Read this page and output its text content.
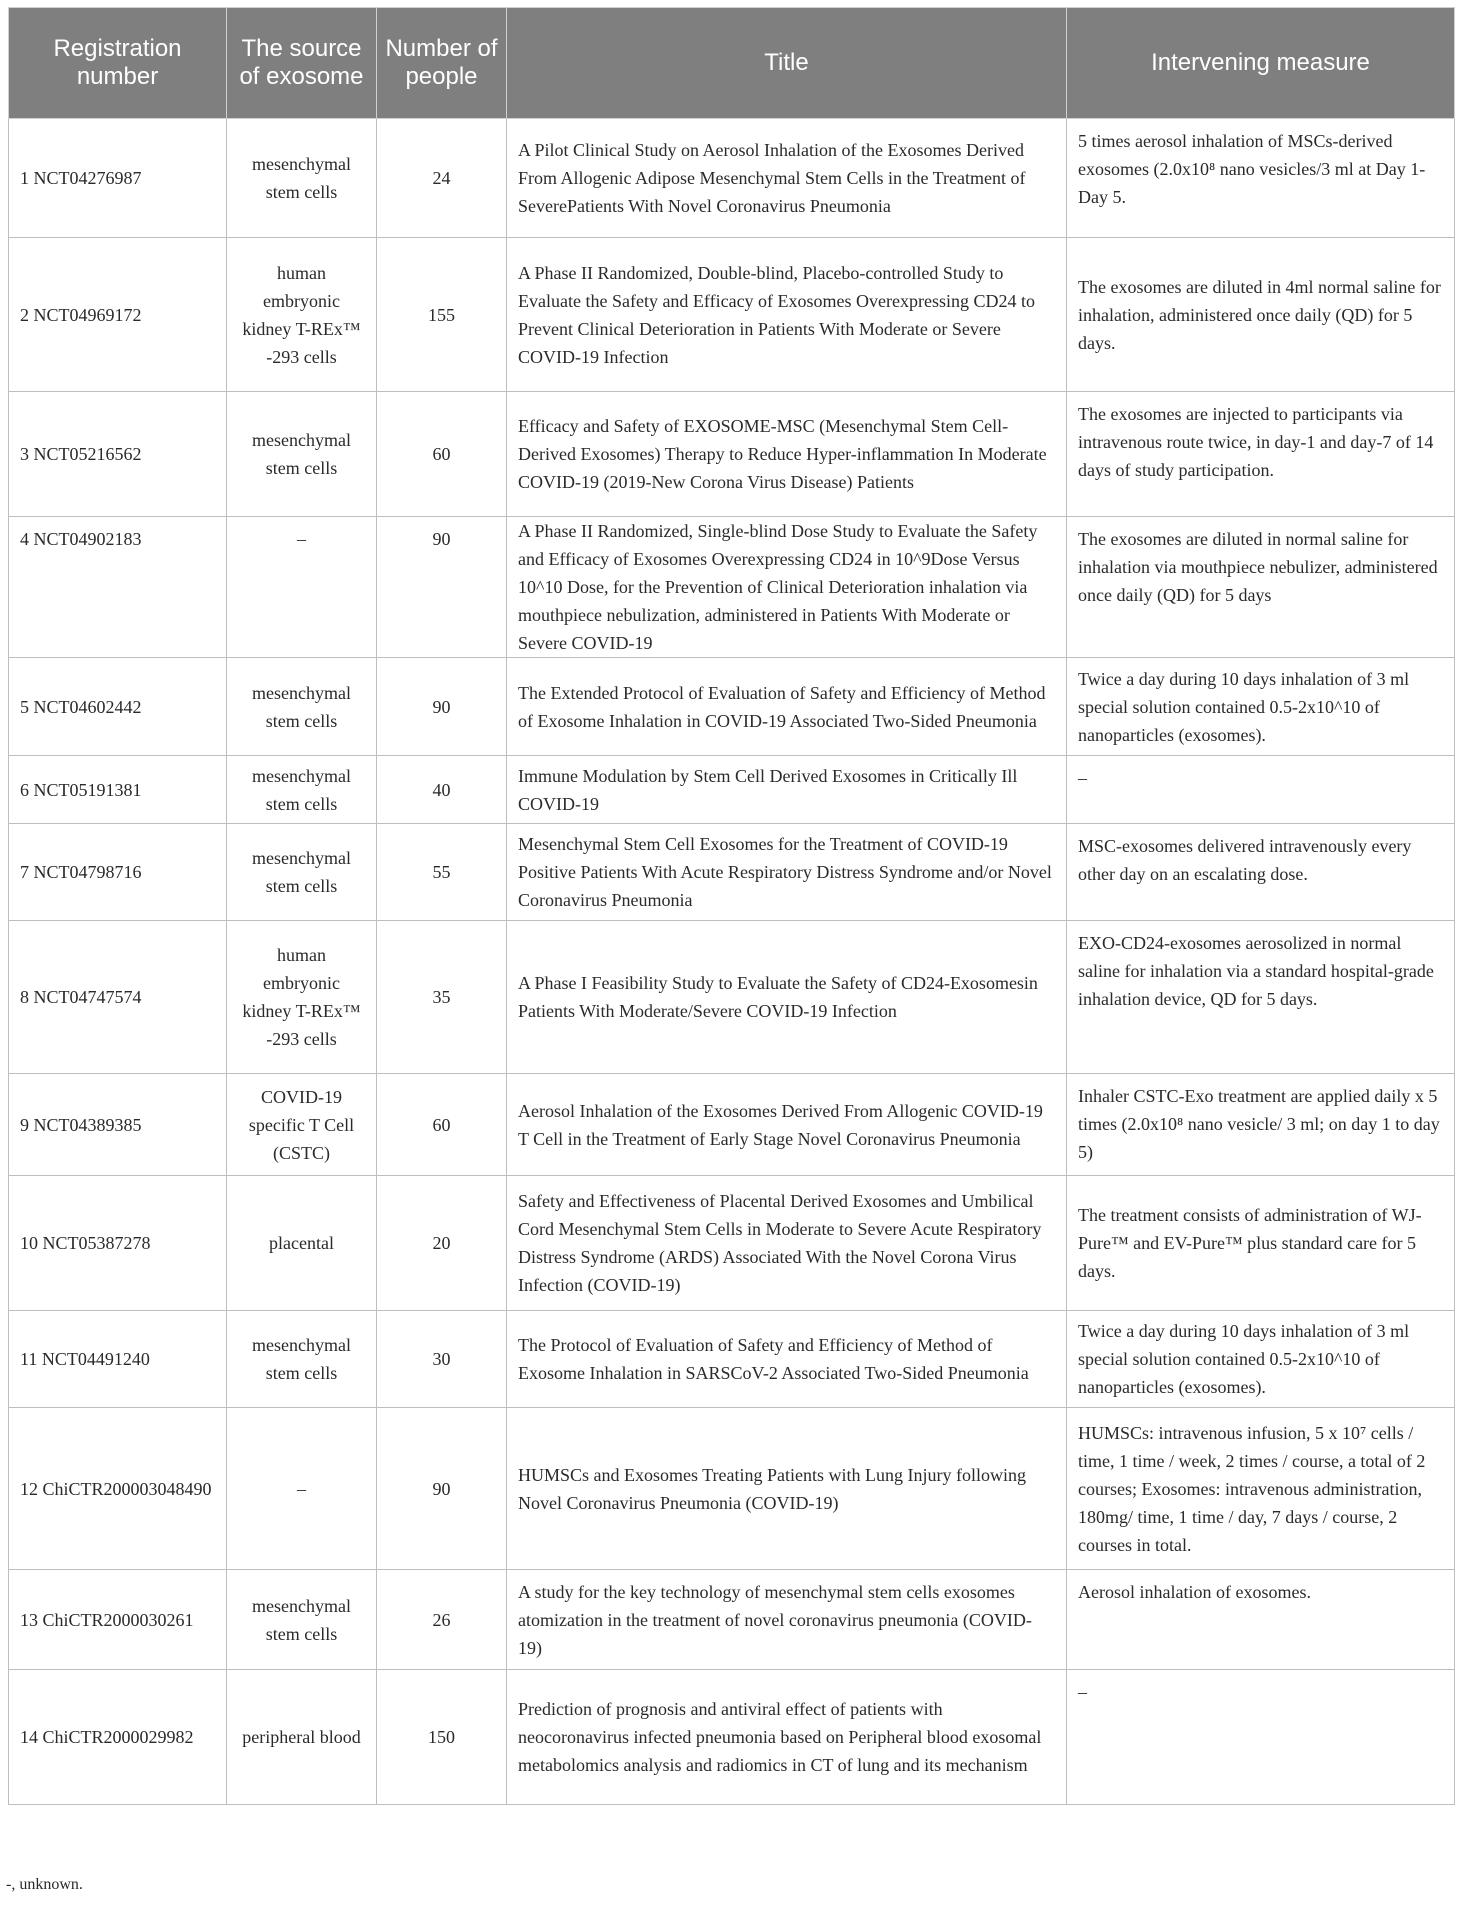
Registration number	The source of exosome	Number of people	Title	Intervening measure
1 NCT04276987	mesenchymal stem cells	24	A Pilot Clinical Study on Aerosol Inhalation of the Exosomes Derived From Allogenic Adipose Mesenchymal Stem Cells in the Treatment of SeverePatients With Novel Coronavirus Pneumonia	5 times aerosol inhalation of MSCs-derived exosomes (2.0x10⁸ nano vesicles/3 ml at Day 1- Day 5.
2 NCT04969172	human embryonic kidney T-REx™ -293 cells	155	A Phase II Randomized, Double-blind, Placebo-controlled Study to Evaluate the Safety and Efficacy of Exosomes Overexpressing CD24 to Prevent Clinical Deterioration in Patients With Moderate or Severe COVID-19 Infection	The exosomes are diluted in 4ml normal saline for inhalation, administered once daily (QD) for 5 days.
3 NCT05216562	mesenchymal stem cells	60	Efficacy and Safety of EXOSOME-MSC (Mesenchymal Stem Cell-Derived Exosomes) Therapy to Reduce Hyper-inflammation In Moderate COVID-19 (2019-New Corona Virus Disease) Patients	The exosomes are injected to participants via intravenous route twice, in day-1 and day-7 of 14 days of study participation.
4 NCT04902183	–	90	A Phase II Randomized, Single-blind Dose Study to Evaluate the Safety and Efficacy of Exosomes Overexpressing CD24 in 10^9Dose Versus 10^10 Dose, for the Prevention of Clinical Deterioration inhalation via mouthpiece nebulization, administered in Patients With Moderate or Severe COVID-19	The exosomes are diluted in normal saline for inhalation via mouthpiece nebulizer, administered once daily (QD) for 5 days
5 NCT04602442	mesenchymal stem cells	90	The Extended Protocol of Evaluation of Safety and Efficiency of Method of Exosome Inhalation in COVID-19 Associated Two-Sided Pneumonia	Twice a day during 10 days inhalation of 3 ml special solution contained 0.5-2x10^10 of nanoparticles (exosomes).
6 NCT05191381	mesenchymal stem cells	40	Immune Modulation by Stem Cell Derived Exosomes in Critically Ill COVID-19	–
7 NCT04798716	mesenchymal stem cells	55	Mesenchymal Stem Cell Exosomes for the Treatment of COVID-19 Positive Patients With Acute Respiratory Distress Syndrome and/or Novel Coronavirus Pneumonia	MSC-exosomes delivered intravenously every other day on an escalating dose.
8 NCT04747574	human embryonic kidney T-REx™ -293 cells	35	A Phase I Feasibility Study to Evaluate the Safety of CD24-Exosomesin Patients With Moderate/Severe COVID-19 Infection	EXO-CD24-exosomes aerosolized in normal saline for inhalation via a standard hospital-grade inhalation device, QD for 5 days.
9 NCT04389385	COVID-19 specific T Cell (CSTC)	60	Aerosol Inhalation of the Exosomes Derived From Allogenic COVID-19 T Cell in the Treatment of Early Stage Novel Coronavirus Pneumonia	Inhaler CSTC-Exo treatment are applied daily x 5 times (2.0x10⁸ nano vesicle/ 3 ml; on day 1 to day 5)
10 NCT05387278	placental	20	Safety and Effectiveness of Placental Derived Exosomes and Umbilical Cord Mesenchymal Stem Cells in Moderate to Severe Acute Respiratory Distress Syndrome (ARDS) Associated With the Novel Corona Virus Infection (COVID-19)	The treatment consists of administration of WJ-Pure™ and EV-Pure™ plus standard care for 5 days.
11 NCT04491240	mesenchymal stem cells	30	The Protocol of Evaluation of Safety and Efficiency of Method of Exosome Inhalation in SARSCoV-2 Associated Two-Sided Pneumonia	Twice a day during 10 days inhalation of 3 ml special solution contained 0.5-2x10^10 of nanoparticles (exosomes).
12 ChiCTR200003048490	–	90	HUMSCs and Exosomes Treating Patients with Lung Injury following Novel Coronavirus Pneumonia (COVID-19)	HUMSCs: intravenous infusion, 5 x 10⁷ cells / time, 1 time / week, 2 times / course, a total of 2 courses; Exosomes: intravenous administration, 180mg/ time, 1 time / day, 7 days / course, 2 courses in total.
13 ChiCTR2000030261	mesenchymal stem cells	26	A study for the key technology of mesenchymal stem cells exosomes atomization in the treatment of novel coronavirus pneumonia (COVID-19)	Aerosol inhalation of exosomes.
14 ChiCTR2000029982	peripheral blood	150	Prediction of prognosis and antiviral effect of patients with neocoronavirus infected pneumonia based on Peripheral blood exosomal metabolomics analysis and radiomics in CT of lung and its mechanism	–
-, unknown.
